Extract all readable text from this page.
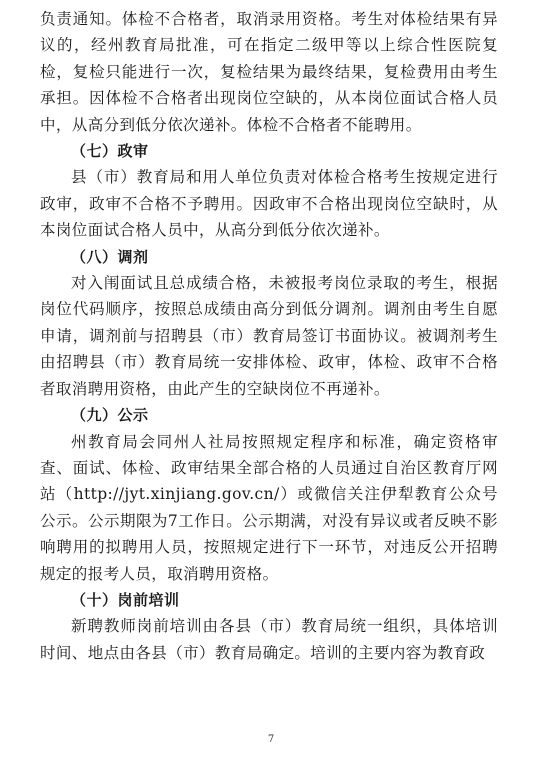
负责通知。体检不合格者，取消录用资格。考生对体检结果有异议的，经州教育局批准，可在指定二级甲等以上综合性医院复检，复检只能进行一次，复检结果为最终结果，复检费用由考生承担。因体检不合格者出现岗位空缺的，从本岗位面试合格人员中，从高分到低分依次递补。体检不合格者不能聘用。

（七）政审

县（市）教育局和用人单位负责对体检合格考生按规定进行政审，政审不合格不予聘用。因政审不合格出现岗位空缺时，从本岗位面试合格人员中，从高分到低分依次递补。

（八）调剂

对入闱面试且总成绩合格，未被报考岗位录取的考生，根据岗位代码顺序，按照总成绩由高分到低分调剂。调剂由考生自愿申请，调剂前与招聘县（市）教育局签订书面协议。被调剂考生由招聘县（市）教育局统一安排体检、政审，体检、政审不合格者取消聘用资格，由此产生的空缺岗位不再递补。

（九）公示

州教育局会同州人社局按照规定程序和标准，确定资格审查、面试、体检、政审结果全部合格的人员通过自治区教育厅网站（http://jyt.xinjiang.gov.cn/）或微信关注伊犁教育公众号公示。公示期限为7工作日。公示期满，对没有异议或者反映不影响聘用的拟聘用人员，按照规定进行下一环节，对违反公开招聘规定的报考人员，取消聘用资格。

（十）岗前培训

新聘教师岗前培训由各县（市）教育局统一组织，具体培训时间、地点由各县（市）教育局确定。培训的主要内容为教育政

7
